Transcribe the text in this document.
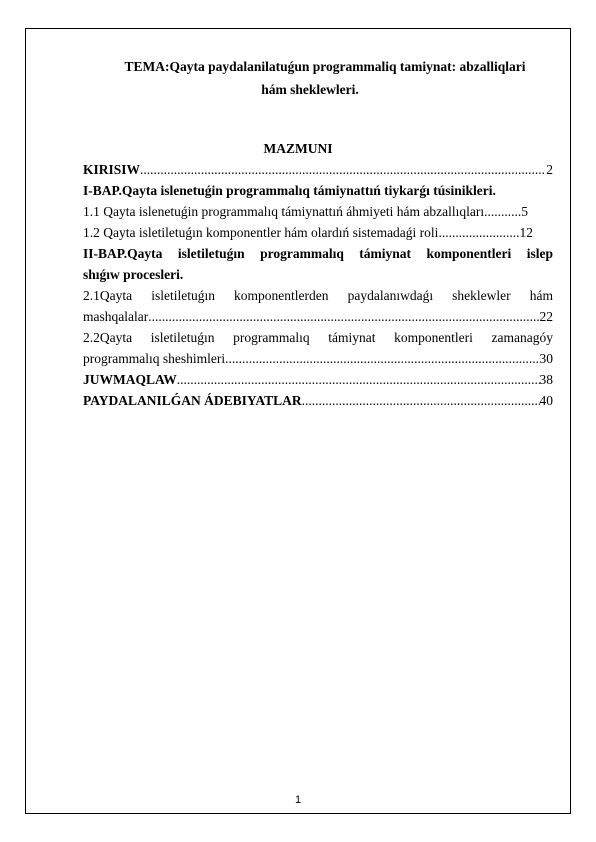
TEMA:Qayta paydalanilatuǵun programmaliq tamiynat: abzalliqlari
hám sheklewleri.
MAZMUNI
KIRISIW .....	2
I-BAP.Qayta islenetuǵin programmalıq támiynattıń tiykarǵı túsinikleri.
1.1 Qayta islenetuǵin programmalıq támiynattıń áhmiyeti hám abzallıqları .....	5
1.2 Qayta isletiletuǵın komponentler hám olardıń sistemadaǵi roli .....	12
II-BAP.Qayta isletiletuǵın programmalıq támiynat komponentleri islep
shıǵıw procesleri.
2.1Qayta isletiletuǵın komponentlerden paydalanıwdaǵı sheklewler hám
mashqalalar .....	22
2.2Qayta isletiletuǵın programmalıq támiynat komponentleri zamanagóy
programmalıq sheshimleri .....	30
JUWMAQLAW .....	38
PAYDALANILǴAN ÁDEBIYATLAR .....	40
1
